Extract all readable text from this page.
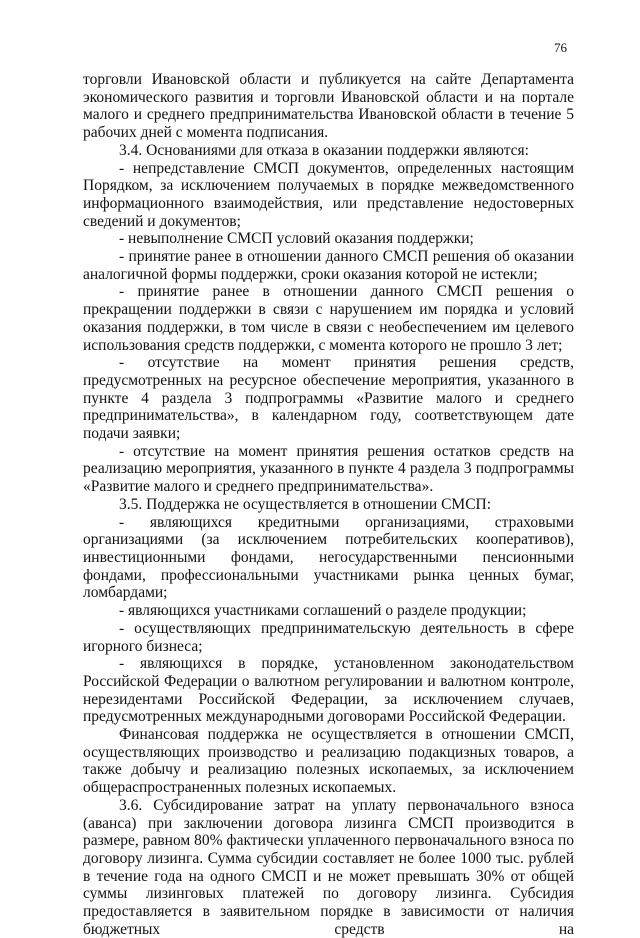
76

торговли Ивановской области и публикуется на сайте Департамента экономического развития и торговли Ивановской области и на портале малого и среднего предпринимательства Ивановской области в течение 5 рабочих дней с момента подписания.

3.4. Основаниями для отказа в оказании поддержки являются:

- непредставление СМСП документов, определенных настоящим Порядком, за исключением получаемых в порядке межведомственного информационного взаимодействия, или представление недостоверных сведений и документов;

- невыполнение СМСП условий оказания поддержки;

- принятие ранее в отношении данного СМСП решения об оказании аналогичной формы поддержки, сроки оказания которой не истекли;

- принятие ранее в отношении данного СМСП решения о прекращении поддержки в связи с нарушением им порядка и условий оказания поддержки, в том числе в связи с необеспечением им целевого использования средств поддержки, с момента которого не прошло 3 лет;

- отсутствие на момент принятия решения средств, предусмотренных на ресурсное обеспечение мероприятия, указанного в пункте 4 раздела 3 подпрограммы «Развитие малого и среднего предпринимательства», в календарном году, соответствующем дате подачи заявки;

- отсутствие на момент принятия решения остатков средств на реализацию мероприятия, указанного в пункте 4 раздела 3 подпрограммы «Развитие малого и среднего предпринимательства».

3.5. Поддержка не осуществляется в отношении СМСП:

- являющихся кредитными организациями, страховыми

организациями (за исключением потребительских кооперативов), инвестиционными фондами, негосударственными пенсионными фондами, профессиональными участниками рынка ценных бумаг, ломбардами;

- являющихся участниками соглашений о разделе продукции;

- осуществляющих предпринимательскую деятельность в сфере игорного бизнеса;

- являющихся в порядке, установленном законодательством Российской Федерации о валютном регулировании и валютном контроле, нерезидентами Российской Федерации, за исключением случаев, предусмотренных международными договорами Российской Федерации.

Финансовая поддержка не осуществляется в отношении СМСП, осуществляющих производство и реализацию подакцизных товаров, а также добычу и реализацию полезных ископаемых, за исключением общераспространенных полезных ископаемых.

3.6. Субсидирование затрат на уплату первоначального взноса (аванса) при заключении договора лизинга СМСП производится в размере, равном 80% фактически уплаченного первоначального взноса по договору лизинга. Сумма субсидии составляет не более 1000 тыс. рублей в течение года на одного СМСП и не может превышать 30% от общей суммы лизинговых платежей по договору лизинга. Субсидия предоставляется в заявительном порядке в зависимости от наличия бюджетных средств на
